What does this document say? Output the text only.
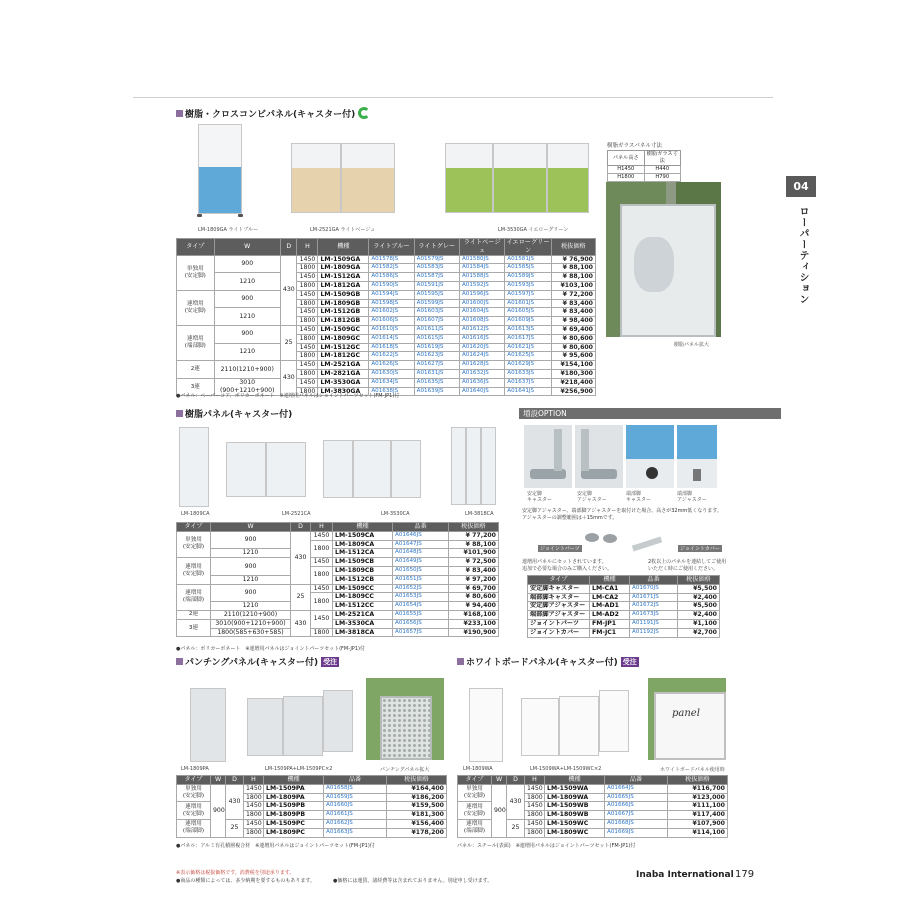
04
ローパーティション
樹脂・クロスコンビパネル(キャスター付)
LM-1809GA ライトブルー	LM-2521GA ライトベージュ	LM-3530GA イエローグリーン
樹脂ガラスパネル寸法
パネル高さ	樹脂ガラス寸法
H1450	H440
H1800	H790
樹脂パネル拡大
タイプ	W	D	H	機種	ライトブルー	ライトグレー	ライトベージュ	イエローグリーン	税抜価格
単独用
(安定脚)	900	430	1450	LM-1509GA	A01578JS	A01579JS	A01580JS	A01581JS	¥ 76,900
			1800	LM-1809GA	A01582JS	A01583JS	A01584JS	A01585JS	¥ 88,100
	1210		1450	LM-1512GA	A01586JS	A01587JS	A01588JS	A01589JS	¥ 88,100
			1800	LM-1812GA	A01590JS	A01591JS	A01592JS	A01593JS	¥103,100
連増用
(安定脚)	900		1450	LM-1509GB	A01594JS	A01595JS	A01596JS	A01597JS	¥ 72,200
			1800	LM-1809GB	A01598JS	A01599JS	A01600JS	A01601JS	¥ 83,400
	1210		1450	LM-1512GB	A01602JS	A01603JS	A01604JS	A01605JS	¥ 83,400
			1800	LM-1812GB	A01606JS	A01607JS	A01608JS	A01609JS	¥ 98,400
連増用
(端部脚)	900	25	1450	LM-1509GC	A01610JS	A01611JS	A01612JS	A01613JS	¥ 69,400
			1800	LM-1809GC	A01614JS	A01615JS	A01616JS	A01617JS	¥ 80,600
	1210		1450	LM-1512GC	A01618JS	A01619JS	A01620JS	A01621JS	¥ 80,600
			1800	LM-1812GC	A01622JS	A01623JS	A01624JS	A01625JS	¥ 95,600
2連	2110(1210+900)	430	1450	LM-2521GA	A01626JS	A01627JS	A01628JS	A01629JS	¥154,100
			1800	LM-2821GA	A01630JS	A01631JS	A01632JS	A01633JS	¥180,300
3連	3010
(900+1210+900)		1450	LM-3530GA	A01634JS	A01635JS	A01636JS	A01637JS	¥218,400
			1800	LM-3830GA	A01638JS	A01639JS	A01640JS	A01641JS	¥256,900
●パネル：ペーパーコア、ポリカーボネート　※連増用パネルはジョイントパーツセット(FM-JP1)付
樹脂パネル(キャスター付)
LM-1809CA	LM-2521CA	LM-3530CA	LM-3818CA
タイプ	W	D	H	機種	品番	税抜価格
単独用
(安定脚)	900	430	1450	LM-1509CA	A01646JS	¥ 77,200
			1800	LM-1809CA	A01647JS	¥ 88,100
	1210			LM-1512CA	A01648JS	¥101,900
連増用
(安定脚)	900		1450	LM-1509CB	A01649JS	¥ 72,500
			1800	LM-1809CB	A01650JS	¥ 83,400
	1210			LM-1512CB	A01651JS	¥ 97,200
連増用
(端部脚)	900	25	1450	LM-1509CC	A01652JS	¥ 69,700
			1800	LM-1809CC	A01653JS	¥ 80,600
	1210			LM-1512CC	A01654JS	¥ 94,400
2連	2110(1210+900)	430	1450	LM-2521CA	A01655JS	¥168,100
3連	3010(900+1210+900)			LM-3530CA	A01656JS	¥233,100
	1800(585+630+585)		1800	LM-3818CA	A01657JS	¥190,900
●パネル：ポリカーボネート　※連増用パネルはジョイントパーツセット(FM-JP1)付
増設OPTION
安定脚
キャスター
安定脚
アジャスター
端部脚
キャスター
端部脚
アジャスター
安定脚アジャスター、端部脚アジャスターを取付けた場合、高さが32mm低くなります。
アジャスターの調整範囲は＋15mmです。
ジョイントパーツ	ジョイントカバー
連増用パネルにセットされています。
追加で必要な場合のみご購入ください。
2枚以上のパネルを連結してご使用
いただく時にご使用ください。
タイプ	機種	品番	税抜価格
安定脚キャスター	LM-CA1	A01670JS	¥5,500
端部脚キャスター	LM-CA2	A01671JS	¥2,400
安定脚アジャスター	LM-AD1	A01672JS	¥5,500
端部脚アジャスター	LM-AD2	A01673JS	¥2,400
ジョイントパーツ	FM-JP1	A01191JS	¥1,100
ジョイントカバー	FM-JC1	A01192JS	¥2,700
パンチングパネル(キャスター付) 受注
LM-1809PA	LM-1509PA+LM-1509PC×2	パンチングパネル拡大
タイプ	W	D	H	機種	品番	税抜価格
単独用
(安定脚)	900	430	1450	LM-1509PA	A01658JS	¥164,400
			1800	LM-1809PA	A01659JS	¥186,200
連増用
(安定脚)			1450	LM-1509PB	A01660JS	¥159,500
			1800	LM-1809PB	A01661JS	¥181,300
連増用
(端部脚)		25	1450	LM-1509PC	A01662JS	¥156,400
			1800	LM-1809PC	A01663JS	¥178,200
●パネル：アルミ有孔積層複合材　※連増用パネルはジョイントパーツセット(FM-JP1)付
ホワイトボードパネル(キャスター付) 受注
panel
LM-1809WA	LM-1509WA+LM-1509WC×2	ホワイトボードパネル使用時
タイプ	W	D	H	機種	品番	税抜価格
単独用
(安定脚)	900	430	1450	LM-1509WA	A01664JS	¥116,700
			1800	LM-1809WA	A01665JS	¥123,000
連増用
(安定脚)			1450	LM-1509WB	A01666JS	¥111,100
			1800	LM-1809WB	A01667JS	¥117,400
連増用
(端部脚)		25	1450	LM-1509WC	A01668JS	¥107,900
			1800	LM-1809WC	A01669JS	¥114,100
パネル：スチール(表面)　※連増用パネルはジョイントパーツセット(FM-JP1)付
※表示価格は税抜価格です。消費税を別途承ります。
●商品の種類によっては、多少納期を要するものもあります。	●価格には運賃、諸経費等は含まれておりません。別途申し受けます。
Inaba International 179
